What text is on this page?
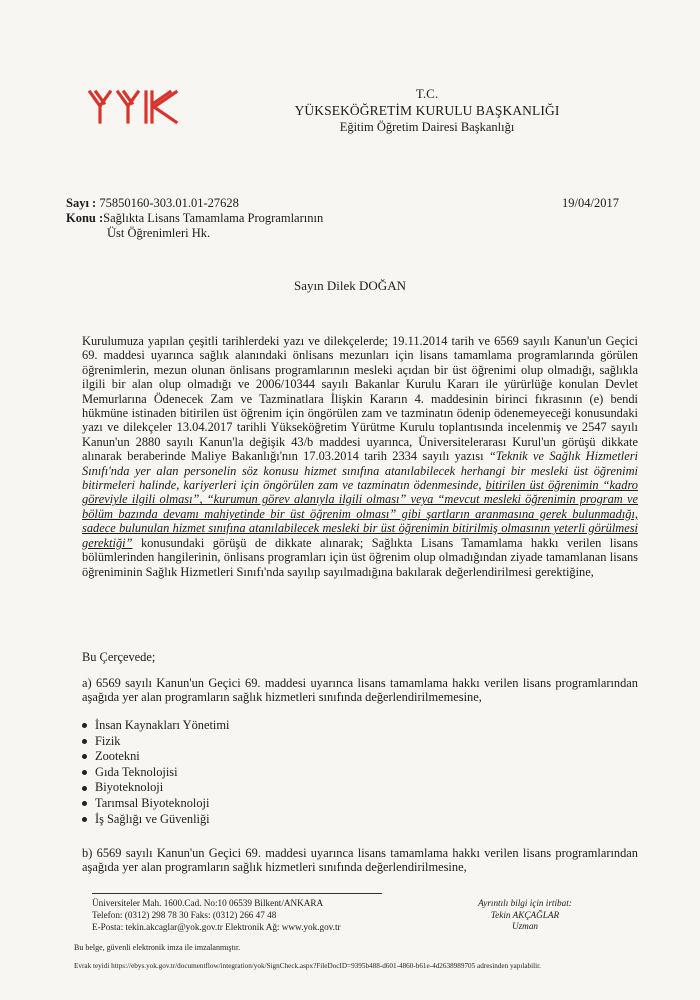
T.C.
YÜKSEKÖĞRETİM KURULU BAŞKANLIĞI
Eğitim Öğretim Dairesi Başkanlığı
Sayı : 75850160-303.01.01-27628
Konu :Sağlıkta Lisans Tamamlama Programlarının
Üst Öğrenimleri Hk.
19/04/2017
Sayın Dilek DOĞAN

Kurulumuza yapılan çeşitli tarihlerdeki yazı ve dilekçelerde; 19.11.2014 tarih ve 6569 sayılı Kanun'un Geçici 69. maddesi uyarınca sağlık alanındaki önlisans mezunları için lisans tamamlama programlarında görülen öğrenimlerin, mezun olunan önlisans programlarının mesleki açıdan bir üst öğrenimi olup olmadığı, sağlıkla ilgili bir alan olup olmadığı ve 2006/10344 sayılı Bakanlar Kurulu Kararı ile yürürlüğe konulan Devlet Memurlarına Ödenecek Zam ve Tazminatlara İlişkin Kararın 4. maddesinin birinci fıkrasının (e) bendi hükmüne istinaden bitirilen üst öğrenim için öngörülen zam ve tazminatın ödenip ödenemeyeceği konusundaki yazı ve dilekçeler 13.04.2017 tarihli Yükseköğretim Yürütme Kurulu toplantısında incelenmiş ve 2547 sayılı Kanun'un 2880 sayılı Kanun'la değişik 43/b maddesi uyarınca, Üniversitelerarası Kurul'un görüşü dikkate alınarak beraberinde Maliye Bakanlığı'nın 17.03.2014 tarih 2334 sayılı yazısı “Teknik ve Sağlık Hizmetleri Sınıfı'nda yer alan personelin söz konusu hizmet sınıfına atanılabilecek herhangi bir mesleki üst öğrenimi bitirmeleri halinde, kariyerleri için öngörülen zam ve tazminatın ödenmesinde, bitirilen üst öğrenimin “kadro göreviyle ilgili olması”, “kurumun görev alanıyla ilgili olması” veya “mevcut mesleki öğrenimin program ve bölüm bazında devamı mahiyetinde bir üst öğrenim olması” gibi şartların aranmasına gerek bulunmadığı, sadece bulunulan hizmet sınıfına atanılabilecek mesleki bir üst öğrenimin bitirilmiş olmasının yeterli görülmesi gerektiği” konusundaki görüşü de dikkate alınarak; Sağlıkta Lisans Tamamlama hakkı verilen lisans bölümlerinden hangilerinin, önlisans programları için üst öğrenim olup olmadığından ziyade tamamlanan lisans öğreniminin Sağlık Hizmetleri Sınıfı'nda sayılıp sayılmadığına bakılarak değerlendirilmesi gerektiğine,

Bu Çerçevede;
a) 6569 sayılı Kanun'un Geçici 69. maddesi uyarınca lisans tamamlama hakkı verilen lisans programlarından aşağıda yer alan programların sağlık hizmetleri sınıfında değerlendirilmemesine,
İnsan Kaynakları Yönetimi
Fizik
Zootekni
Gıda Teknolojisi
Biyoteknoloji
Tarımsal Biyoteknoloji
İş Sağlığı ve Güvenliği
b) 6569 sayılı Kanun'un Geçici 69. maddesi uyarınca lisans tamamlama hakkı verilen lisans programlarından aşağıda yer alan programların sağlık hizmetleri sınıfında değerlendirilmesine,
Üniversiteler Mah. 1600.Cad. No:10 06539 Bilkent/ANKARA
Telefon: (0312) 298 78 30 Faks: (0312) 266 47 48
E-Posta: tekin.akcaglar@yok.gov.tr Elektronik Ağ: www.yok.gov.tr
Ayrıntılı bilgi için irtibat:
Tekin AKÇAĞLAR
Uzman
Bu belge, güvenli elektronik imza ile imzalanmıştır.
Evrak teyidi https://ebys.yok.gov.tr/documentflow/integration/yok/SignCheck.aspx?FileDocID=9395b488-d601-4860-b61e-4d2638989705 adresinden yapılabilir.
